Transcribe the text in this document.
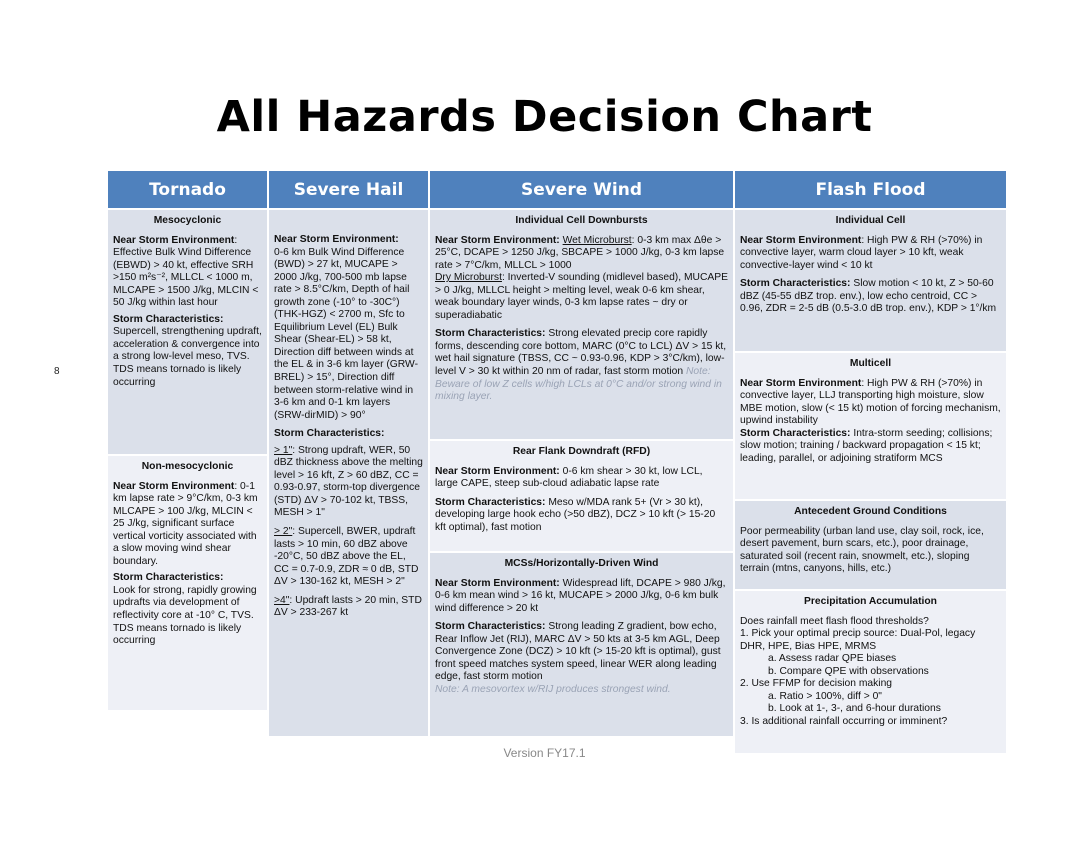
All Hazards Decision Chart
8
Tornado	Severe Hail	Severe Wind	Flash Flood
Mesocyclonic

Near Storm Environment: Effective Bulk Wind Difference (EBWD) > 40 kt, effective SRH >150 m²s⁻², MLLCL < 1000 m, MLCAPE > 1500 J/kg, MLCIN < 50 J/kg within last hour

Storm Characteristics:
Supercell, strengthening updraft, acceleration & convergence into a strong low-level meso, TVS. TDS means tornado is likely occurring

Non-mesocyclonic

Near Storm Environment: 0-1 km lapse rate > 9°C/km, 0-3 km MLCAPE > 100 J/kg, MLCIN < 25 J/kg, significant surface vertical vorticity associated with a slow moving wind shear boundary.

Storm Characteristics:
Look for strong, rapidly growing updrafts via development of reflectivity core at -10° C, TVS. TDS means tornado is likely occurring

Near Storm Environment:
0-6 km Bulk Wind Difference (BWD) > 27 kt, MUCAPE > 2000 J/kg, 700-500 mb lapse rate > 8.5°C/km, Depth of hail growth zone (-10° to -30C°) (THK-HGZ) < 2700 m, Sfc to Equilibrium Level (EL) Bulk Shear (Shear-EL) > 58 kt, Direction diff between winds at the EL & in 3-6 km layer (GRW-BREL) > 15°, Direction diff between storm-relative wind in 3-6 km and 0-1 km layers (SRW-dirMID) > 90°

Storm Characteristics:

> 1": Strong updraft, WER, 50 dBZ thickness above the melting level > 16 kft, Z > 60 dBZ, CC = 0.93-0.97, storm-top divergence (STD) ΔV > 70-102 kt, TBSS, MESH > 1"

> 2": Supercell, BWER, updraft lasts > 10 min, 60 dBZ above -20°C, 50 dBZ above the EL, CC = 0.7-0.9, ZDR ≈ 0 dB, STD ΔV > 130-162 kt, MESH > 2"

>4": Updraft lasts > 20 min, STD ΔV > 233-267 kt

Individual Cell Downbursts

Near Storm Environment: Wet Microburst: 0-3 km max Δθe > 25°C, DCAPE > 1250 J/kg, SBCAPE > 1000 J/kg, 0-3 km lapse rate > 7°C/km, MLLCL > 1000
Dry Microburst: Inverted-V sounding (midlevel based), MUCAPE > 0 J/kg, MLLCL height > melting level, weak 0-6 km shear, weak boundary layer winds, 0-3 km lapse rates ~ dry or superadiabatic

Storm Characteristics: Strong elevated precip core rapidly forms, descending core bottom, MARC (0°C to LCL) ΔV > 15 kt, wet hail signature (TBSS, CC ~ 0.93-0.96, KDP > 3°C/km), low-level V > 30 kt within 20 nm of radar, fast storm motion Note: Beware of low Z cells w/high LCLs at 0°C and/or strong wind in mixing layer.

Rear Flank Downdraft (RFD)

Near Storm Environment: 0-6 km shear > 30 kt, low LCL, large CAPE, steep sub-cloud adiabatic lapse rate

Storm Characteristics: Meso w/MDA rank 5+ (Vr > 30 kt), developing large hook echo (>50 dBZ), DCZ > 10 kft (> 15-20 kft optimal), fast motion

MCSs/Horizontally-Driven Wind

Near Storm Environment: Widespread lift, DCAPE > 980 J/kg, 0-6 km mean wind > 16 kt, MUCAPE > 2000 J/kg, 0-6 km bulk wind difference > 20 kt

Storm Characteristics: Strong leading Z gradient, bow echo, Rear Inflow Jet (RIJ), MARC ΔV > 50 kts at 3-5 km AGL, Deep Convergence Zone (DCZ) > 10 kft (> 15-20 kft is optimal), gust front speed matches system speed, linear WER along leading edge, fast storm motion
Note: A mesovortex w/RIJ produces strongest wind.

Individual Cell

Near Storm Environment: High PW & RH (>70%) in convective layer, warm cloud layer > 10 kft, weak convective-layer wind < 10 kt

Storm Characteristics: Slow motion < 10 kt, Z > 50-60 dBZ (45-55 dBZ trop. env.), low echo centroid, CC > 0.96, ZDR = 2-5 dB (0.5-3.0 dB trop. env.), KDP > 1°/km

Multicell

Near Storm Environment: High PW & RH (>70%) in convective layer, LLJ transporting high moisture, slow MBE motion, slow (< 15 kt) motion of forcing mechanism, upwind instability
Storm Characteristics: Intra-storm seeding; collisions; slow motion; training / backward propagation < 15 kt; leading, parallel, or adjoining stratiform MCS

Antecedent Ground Conditions

Poor permeability (urban land use, clay soil, rock, ice, desert pavement, burn scars, etc.), poor drainage, saturated soil (recent rain, snowmelt, etc.), sloping terrain (mtns, canyons, hills, etc.)

Precipitation Accumulation
Does rainfall meet flash flood thresholds?
1. Pick your optimal precip source: Dual-Pol, legacy DHR, HPE, Bias HPE, MRMS
a. Assess radar QPE biases
b. Compare QPE with observations
2. Use FFMP for decision making
a. Ratio > 100%, diff > 0"
b. Look at 1-, 3-, and 6-hour durations
3. Is additional rainfall occurring or imminent?
Version FY17.1
